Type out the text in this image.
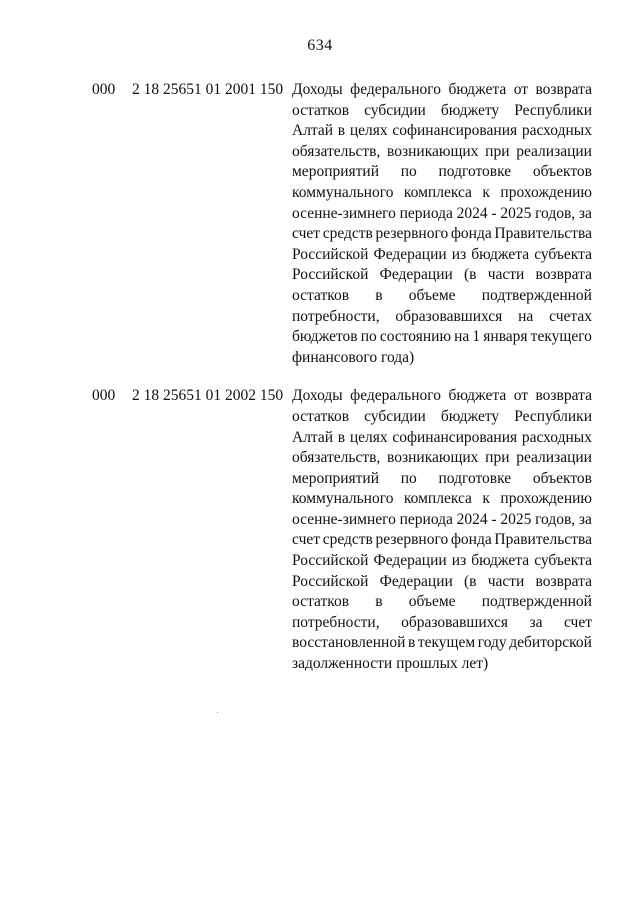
634
000 2 18 25651 01 2001 150 Доходы федерального бюджета от возврата
остатков субсидии бюджету Республики
Алтай в целях софинансирования расходных
обязательств, возникающих при реализации
мероприятий по подготовке объектов
коммунального комплекса к прохождению
осенне-зимнего периода 2024 - 2025 годов, за
счет средств резервного фонда Правительства
Российской Федерации из бюджета субъекта
Российской Федерации (в части возврата
остатков в объеме подтвержденной
потребности, образовавшихся на счетах
бюджетов по состоянию на 1 января текущего
финансового года)
000 2 18 25651 01 2002 150 Доходы федерального бюджета от возврата
остатков субсидии бюджету Республики
Алтай в целях софинансирования расходных
обязательств, возникающих при реализации
мероприятий по подготовке объектов
коммунального комплекса к прохождению
осенне-зимнего периода 2024 - 2025 годов, за
счет средств резервного фонда Правительства
Российской Федерации из бюджета субъекта
Российской Федерации (в части возврата
остатков в объеме подтвержденной
потребности, образовавшихся за счет
восстановленной в текущем году дебиторской
задолженности прошлых лет)
